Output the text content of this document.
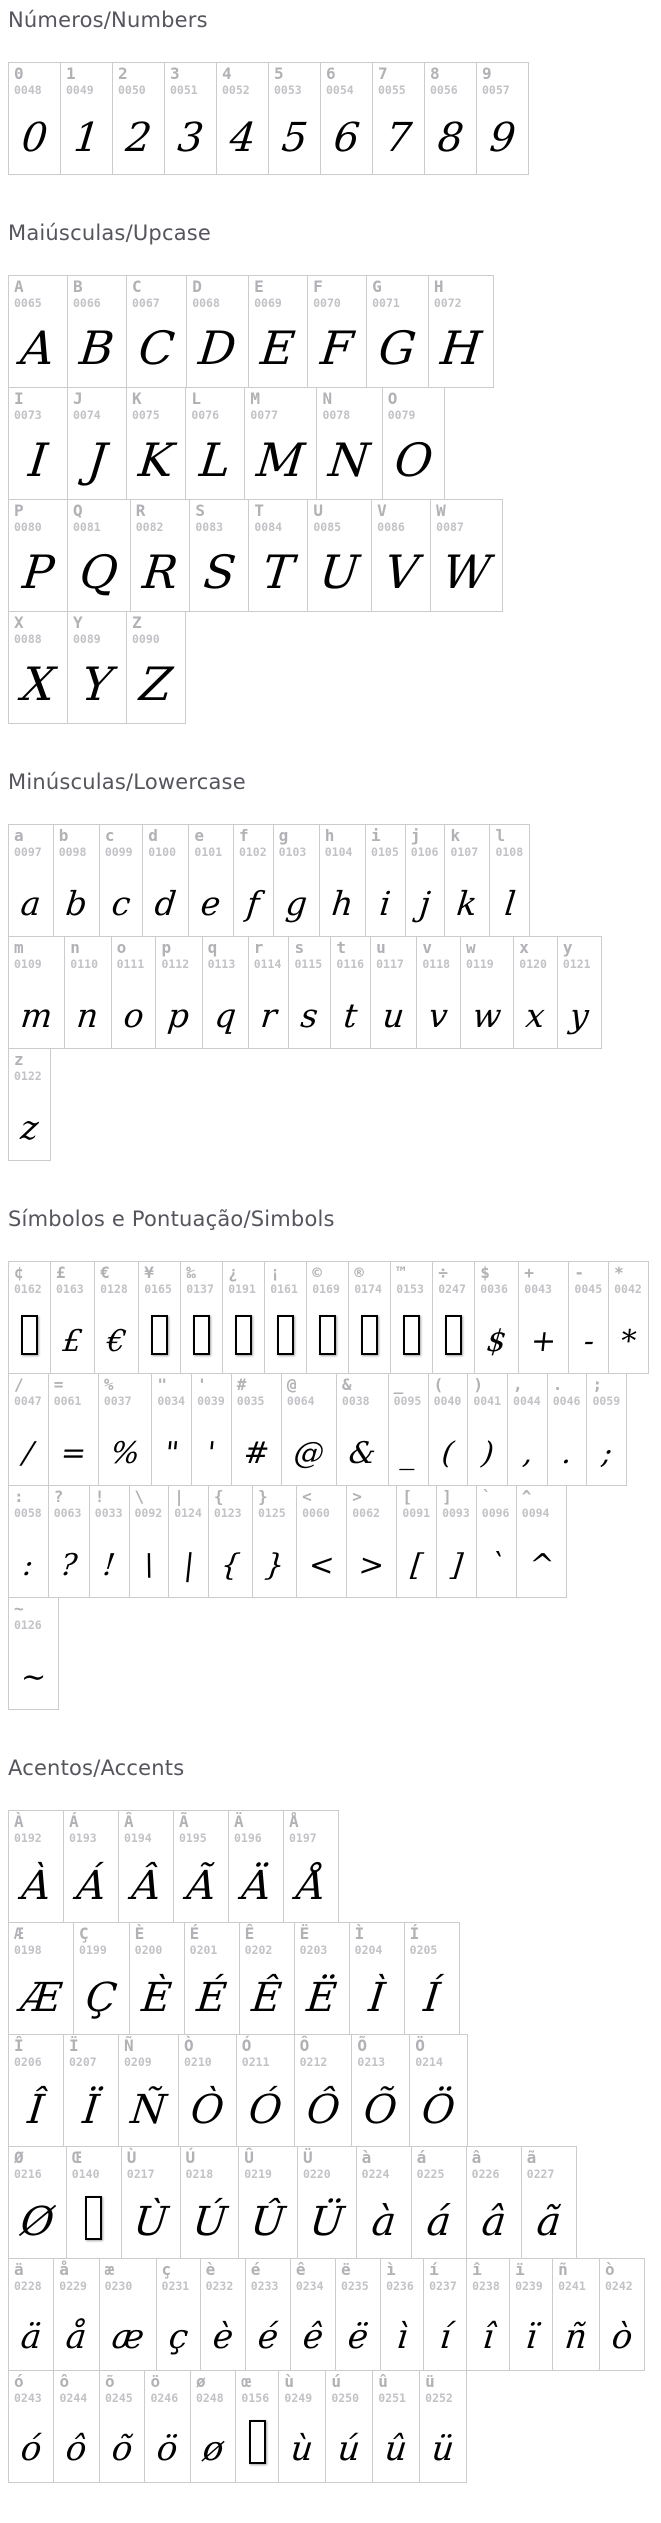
Números/Numbers
0
0048
0
1
0049
1
2
0050
2
3
0051
3
4
0052
4
5
0053
5
6
0054
6
7
0055
7
8
0056
8
9
0057
9
Maiúsculas/Upcase
A
0065
A
B
0066
B
C
0067
C
D
0068
D
E
0069
E
F
0070
F
G
0071
G
H
0072
H
I
0073
I
J
0074
J
K
0075
K
L
0076
L
M
0077
M
N
0078
N
O
0079
O
P
0080
P
Q
0081
Q
R
0082
R
S
0083
S
T
0084
T
U
0085
U
V
0086
V
W
0087
W
X
0088
X
Y
0089
Y
Z
0090
Z
Minúsculas/Lowercase
a
0097
a
b
0098
b
c
0099
c
d
0100
d
e
0101
e
f
0102
f
g
0103
g
h
0104
h
i
0105
i
j
0106
j
k
0107
k
l
0108
l
m
0109
m
n
0110
n
o
0111
o
p
0112
p
q
0113
q
r
0114
r
s
0115
s
t
0116
t
u
0117
u
v
0118
v
w
0119
w
x
0120
x
y
0121
y
z
0122
z
Símbolos e Pontuação/Simbols
¢
0162
£
0163
£
€
0128
€
¥
0165
‰
0137
¿
0191
¡
0161
©
0169
®
0174
™
0153
÷
0247
$
0036
$
+
0043
+
-
0045
-
*
0042
*
/
0047
/
=
0061
=
%
0037
%
"
0034
"
'
0039
'
#
0035
#
@
0064
@
&
0038
&
_
0095
_
(
0040
(
)
0041
)
,
0044
,
.
0046
.
;
0059
;
:
0058
:
?
0063
?
!
0033
!
\
0092
\
|
0124
|
{
0123
{
}
0125
}
<
0060
<
>
0062
>
[
0091
[
]
0093
]
`
0096
`
^
0094
^
~
0126
~
Acentos/Accents
À
0192
À
Á
0193
Á
Â
0194
Â
Ã
0195
Ã
Ä
0196
Ä
Å
0197
Å
Æ
0198
Æ
Ç
0199
Ç
È
0200
È
É
0201
É
Ê
0202
Ê
Ë
0203
Ë
Ì
0204
Ì
Í
0205
Í
Î
0206
Î
Ï
0207
Ï
Ñ
0209
Ñ
Ò
0210
Ò
Ó
0211
Ó
Ô
0212
Ô
Õ
0213
Õ
Ö
0214
Ö
Ø
0216
Ø
Œ
0140
Ù
0217
Ù
Ú
0218
Ú
Û
0219
Û
Ü
0220
Ü
à
0224
à
á
0225
á
â
0226
â
ã
0227
ã
ä
0228
ä
å
0229
å
æ
0230
æ
ç
0231
ç
è
0232
è
é
0233
é
ê
0234
ê
ë
0235
ë
ì
0236
ì
í
0237
í
î
0238
î
ï
0239
ï
ñ
0241
ñ
ò
0242
ò
ó
0243
ó
ô
0244
ô
õ
0245
õ
ö
0246
ö
ø
0248
ø
œ
0156
ù
0249
ù
ú
0250
ú
û
0251
û
ü
0252
ü
